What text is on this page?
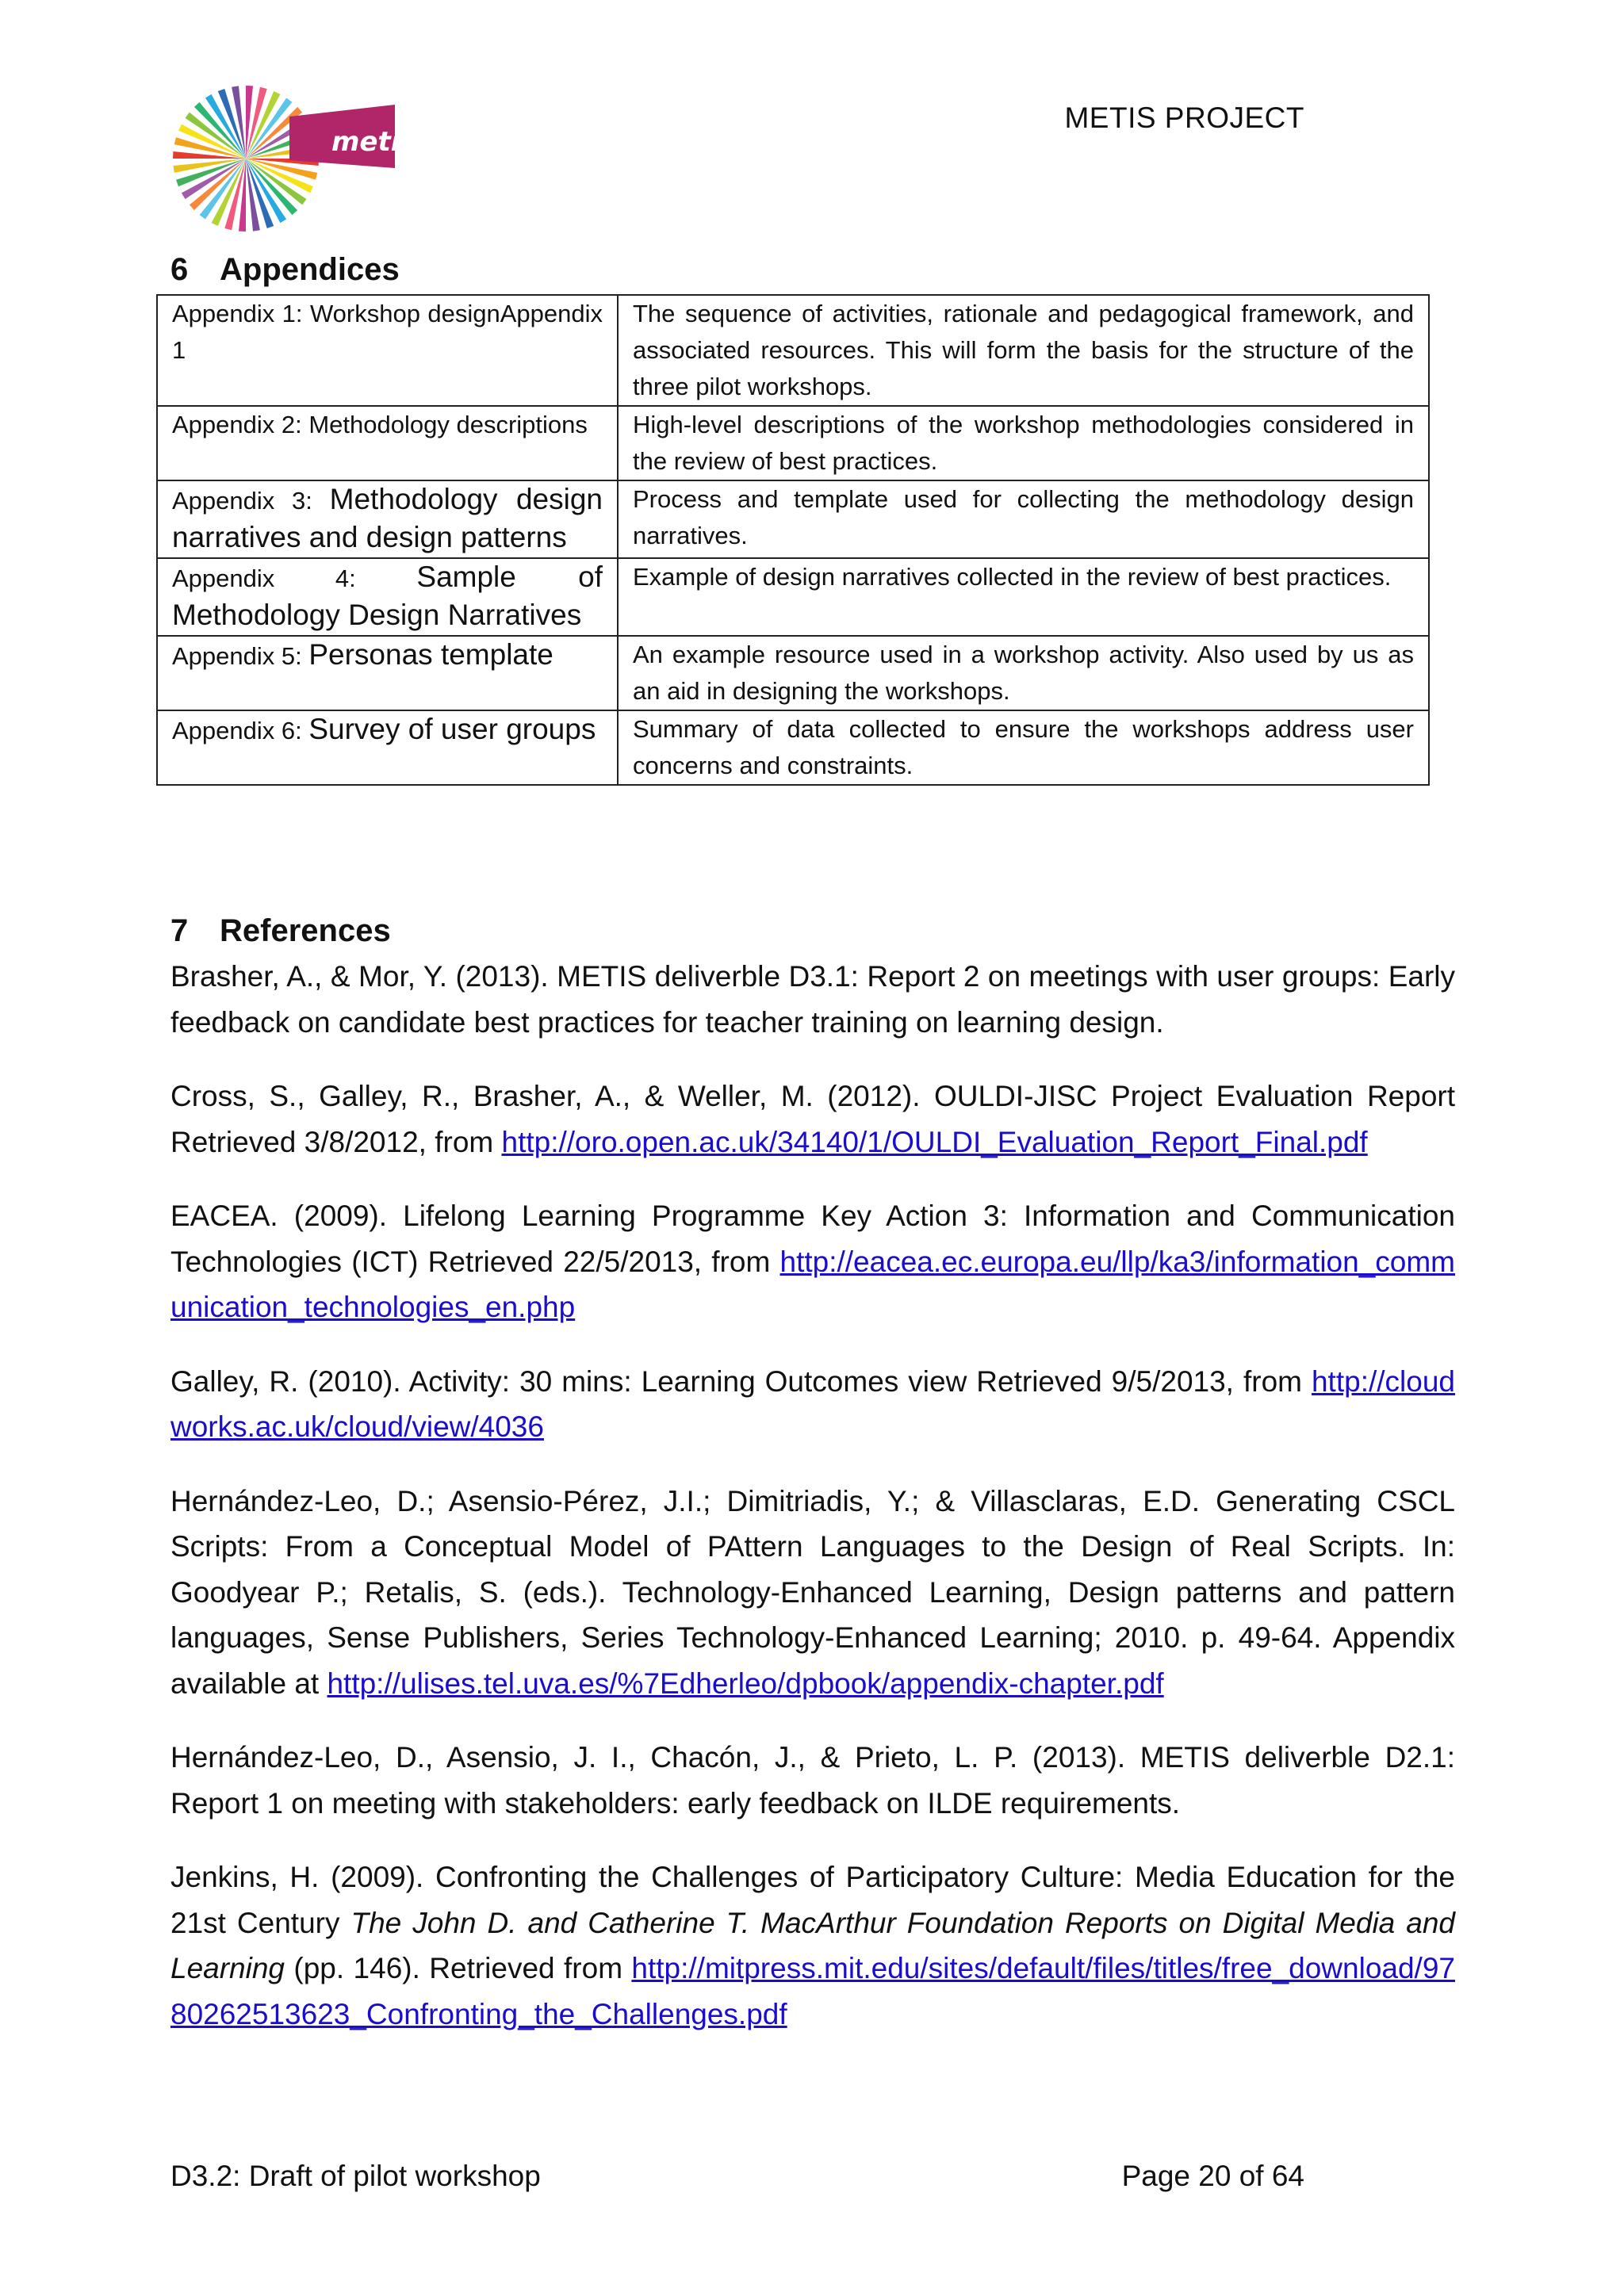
metis
METIS PROJECT
6 Appendices
Appendix 1: Workshop designAppendix 1	The sequence of activities, rationale and pedagogical framework, and associated resources. This will form the basis for the structure of the three pilot workshops.
Appendix 2: Methodology descriptions	High-level descriptions of the workshop methodologies considered in the review of best practices.
Appendix 3: Methodology design narratives and design patterns	Process and template used for collecting the methodology design narratives.
Appendix 4: Sample of Methodology Design Narratives	Example of design narratives collected in the review of best practices.
Appendix 5: Personas template	An example resource used in a workshop activity. Also used by us as an aid in designing the workshops.
Appendix 6: Survey of user groups	Summary of data collected to ensure the workshops address user concerns and constraints.
7 References

Brasher, A., & Mor, Y. (2013). METIS deliverble D3.1: Report 2 on meetings with user groups: Early feedback on candidate best practices for teacher training on learning design.

Cross, S., Galley, R., Brasher, A., & Weller, M. (2012). OULDI-JISC Project Evaluation Report Retrieved 3/8/2012, from http://oro.open.ac.uk/34140/1/OULDI_Evaluation_Report_Final.pdf

EACEA. (2009). Lifelong Learning Programme Key Action 3: Information and Communication Technologies (ICT) Retrieved 22/5/2013, from http://eacea.ec.europa.eu/llp/ka3/information_communication_technologies_en.php

Galley, R. (2010). Activity: 30 mins: Learning Outcomes view Retrieved 9/5/2013, from http://cloudworks.ac.uk/cloud/view/4036

Hernández-Leo, D.; Asensio-Pérez, J.I.; Dimitriadis, Y.; & Villasclaras, E.D. Generating CSCL Scripts: From a Conceptual Model of PAttern Languages to the Design of Real Scripts. In: Goodyear P.; Retalis, S. (eds.). Technology-Enhanced Learning, Design patterns and pattern languages, Sense Publishers, Series Technology-Enhanced Learning; 2010. p. 49-64. Appendix available at http://ulises.tel.uva.es/%7Edherleo/dpbook/appendix-chapter.pdf

Hernández-Leo, D., Asensio, J. I., Chacón, J., & Prieto, L. P. (2013). METIS deliverble D2.1: Report 1 on meeting with stakeholders: early feedback on ILDE requirements.

Jenkins, H. (2009). Confronting the Challenges of Participatory Culture: Media Education for the 21st Century The John D. and Catherine T. MacArthur Foundation Reports on Digital Media and Learning (pp. 146). Retrieved from http://mitpress.mit.edu/sites/default/files/titles/free_download/9780262513623_Confronting_the_Challenges.pdf

D3.2: Draft of pilot workshop	Page 20 of 64
